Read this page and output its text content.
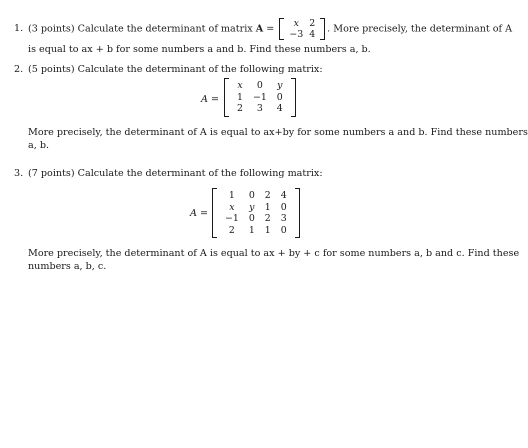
1. (3 points) Calculate the determinant of matrix A = x	2
−3	4 . More precisely, the determinant of A
is equal to ax + b for some numbers a and b. Find these numbers a, b.
2. (5 points) Calculate the determinant of the following matrix:
A =
x	0	y
1	−1	0
2	3	4
More precisely, the determinant of A is equal to ax+by for some numbers a and b. Find these numbers
a, b.
3. (7 points) Calculate the determinant of the following matrix:
A =
1	0	2	4
x	y	1	0
−1	0	2	3
2	1	1	0
More precisely, the determinant of A is equal to ax + by + c for some numbers a, b and c. Find these
numbers a, b, c.
